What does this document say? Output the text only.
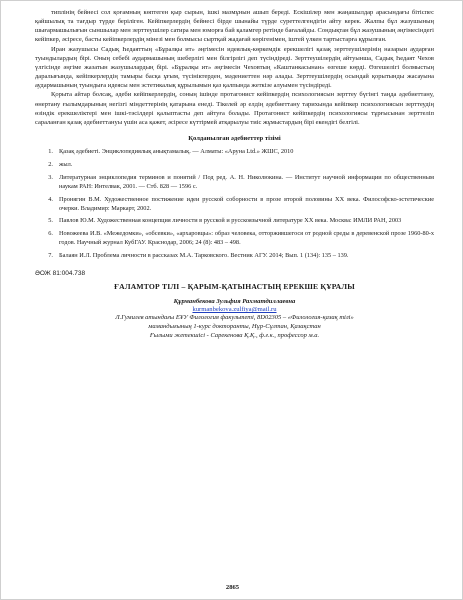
типлінің бейнесі сол қоғамның көптеген қыр сырын, ішкі мазмұнын ашып береді. Ескішілер мен жаңашылдар арасындағы бітіспес қайшылық та тағдыр түрде беріліген. Кейіпкерлердің бейнесі бірде шынайы түрде суреттелгендігін айту керек. Жалпы бұл жазушының шығармашылығын сыншылар мен зерттеушілер сатира мен юморға бай қаламгер ретінде бағалайды. Сондықтан бұл жазушының әңгімесіндегі кейіпкер, әсіресе, басты кейіпкерлердің мінезі мен болмысы сыртқай жадағай көрігенімен, іштей үлкен тартыстарға құрылған.

Иран жазушысы Садық Һедаяттың «Бұралқы ит» әңгімесін идеялық-көркемдік ерекшелігі қазақ зерттеушілерінің назарын аударған туындылардың бірі. Оның себебі аудармашының шеберлігі мен білгірлігі деп түсіндіреді. Зерттеушілердің айтуынша, Садық Һедаят Чехов үлгісінде әңгіме жазатын жазушылардың бірі. «Бұралқы ит» әңгімесін Чеховтың «Каштанкасынан» өзгеше көрді. Өзгешелігі болмыстың даралығында, кейіпкерлердің тамыры басқа ұғым, түсініктерден, мәдениеттен нәр алады. Зерттеушілердің осындай қорытынды жасауына аудармашының туындыға идеясы мен эстетикалық құрылымын қаз қалпында жеткізе алуымен түсіндіреді.

Қорыта айтар болсақ, әдеби кейіпкерлердің, соның ішінде протагонист кейіпкердің психологиясын зерттеу бүгінгі таңда әдебиеттану, өнертану ғылымдарының негізгі міндеттерінің қатарына енеді. Тікелей әр елдің әдебиеттану тарихында кейіпкер психологиясын зерттеудің өзіндік ерекшеліктері мен ішкі-тәсілдері қалыптасты деп айтуға болады. Протагонист кейіпкердің психологиясы тұрғысынан зерттеліп сараланған қазақ әдебиеттануы үшін аса қажет, әсіресе күттірмей атқарылуы тиіс жұмыстардың бірі екендігі белгілі.

Қолданылған әдебиеттер тізімі
1. Қазақ әдебиеті. Энциклопедиялық анықтамалық. — Алматы: «Аруна Ltd.» ЖШС, 2010
2. жыл.
3. Литературная энциклопедия терминов и понятий / Под ред. А. Н. Николюкина. — Институт научной информации по общественным наукам РАН: Интелвак, 2001. — Стб. 828 — 1596 с.
4. Пронягин В.М. Художественное постижение идеи русской соборности в прозе второй половины XX века. Философско-эстетические очерки. Владимир: Маркарт, 2002.
5. Павлов Ю.М. Художественная концепция личности в русской и русскоязычной литературе XX века. Москва: ИМЛИ РАН, 2003
6. Новожеева И.В. «Межедомки», «обсевки», «архаровцы»: образ человека, отторжившегося от родной среды в деревенской прозе 1960-80-х годов. Научный журнал КубГАУ. Краснодар, 2006; 24 (8): 483 – 498.
7. Балаян И.Л. Проблема личности в рассказах М.А. Тарковского. Вестник АГУ. 2014; Вып. 1 (134): 135 – 139.
ӘОЖ 81:004.738
ҒАЛАМТОР ТІЛІ – ҚАРЫМ-ҚАТЫНАСТЫҢ ЕРЕКШЕ ҚҰРАЛЫ
Құрманбекова Зульфия Рахматдиллаевна
kurmanbekova.zulfiya@mail.ru
Л.Гумилев атындағы ЕҰУ Филология факультеті, 8D02305 – «Филология-қазақ тілі»
мамандығының 1-курс докторанты, Нұр-Сұлтан, Қазақстан
Ғылыми жетекшісі - Сарекенова Қ.Қ., ф.ғ.к., профессор м.а.
2865
